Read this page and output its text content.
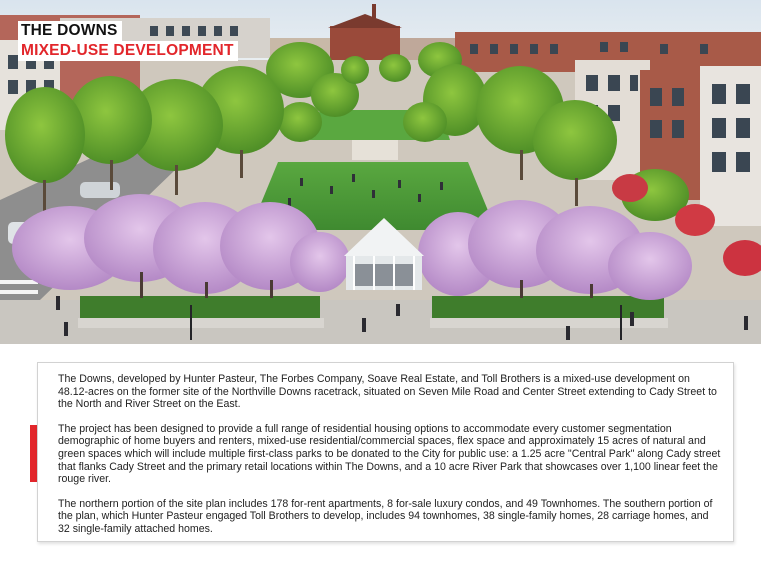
THE DOWNS
MIXED-USE DEVELOPMENT

The Downs, developed by Hunter Pasteur, The Forbes Company, Soave Real Estate, and Toll Brothers is a mixed-use development on 48.12-acres on the former site of the Northville Downs racetrack, situated on Seven Mile Road and Center Street extending to Cady Street to the North and River Street on the East.

The project has been designed to provide a full range of residential housing options to accommodate every customer segmentation demographic of home buyers and renters, mixed-use residential/commercial spaces, flex space and approximately 15 acres of natural and green spaces which will include multiple first-class parks to be donated to the City for public use: a 1.25 acre "Central Park" along Cady street that flanks Cady Street and the primary retail locations within The Downs, and a 10 acre River Park that showcases over 1,100 linear feet the rouge river.

The northern portion of the site plan includes 178 for-rent apartments, 8 for-sale luxury condos, and 49 Townhomes. The southern portion of the plan, which Hunter Pasteur engaged Toll Brothers to develop, includes 94 townhomes, 38 single-family homes, 28 carriage homes, and 32 single-family attached homes.
